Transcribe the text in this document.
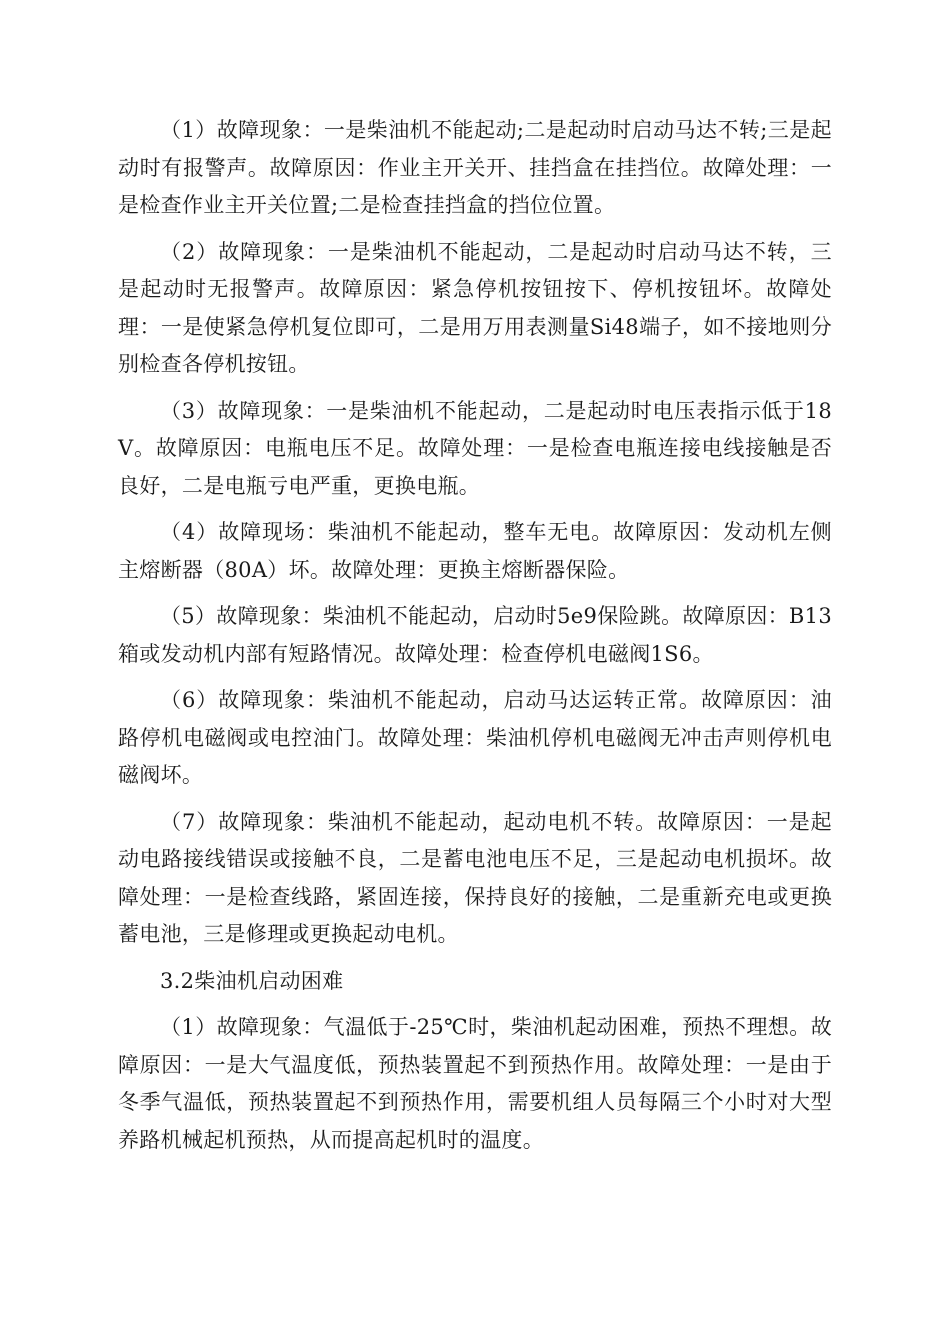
（1）故障现象：一是柴油机不能起动;二是起动时启动马达不转;三是起动时有报警声。故障原因：作业主开关开、挂挡盒在挂挡位。故障处理：一是检查作业主开关位置;二是检查挂挡盒的挡位位置。

（2）故障现象：一是柴油机不能起动，二是起动时启动马达不转，三是起动时无报警声。故障原因：紧急停机按钮按下、停机按钮坏。故障处理：一是使紧急停机复位即可，二是用万用表测量Si48端子，如不接地则分别检查各停机按钮。

（3）故障现象：一是柴油机不能起动，二是起动时电压表指示低于18V。故障原因：电瓶电压不足。故障处理：一是检查电瓶连接电线接触是否良好，二是电瓶亏电严重，更换电瓶。

（4）故障现场：柴油机不能起动，整车无电。故障原因：发动机左侧主熔断器（80A）坏。故障处理：更换主熔断器保险。

（5）故障现象：柴油机不能起动，启动时5e9保险跳。故障原因：B13箱或发动机内部有短路情况。故障处理：检查停机电磁阀1S6。

（6）故障现象：柴油机不能起动，启动马达运转正常。故障原因：油路停机电磁阀或电控油门。故障处理：柴油机停机电磁阀无冲击声则停机电磁阀坏。

（7）故障现象：柴油机不能起动，起动电机不转。故障原因：一是起动电路接线错误或接触不良，二是蓄电池电压不足，三是起动电机损坏。故障处理：一是检查线路，紧固连接，保持良好的接触，二是重新充电或更换蓄电池，三是修理或更换起动电机。

3.2柴油机启动困难

（1）故障现象：气温低于-25℃时，柴油机起动困难，预热不理想。故障原因：一是大气温度低，预热装置起不到预热作用。故障处理：一是由于冬季气温低，预热装置起不到预热作用，需要机组人员每隔三个小时对大型养路机械起机预热，从而提高起机时的温度。
